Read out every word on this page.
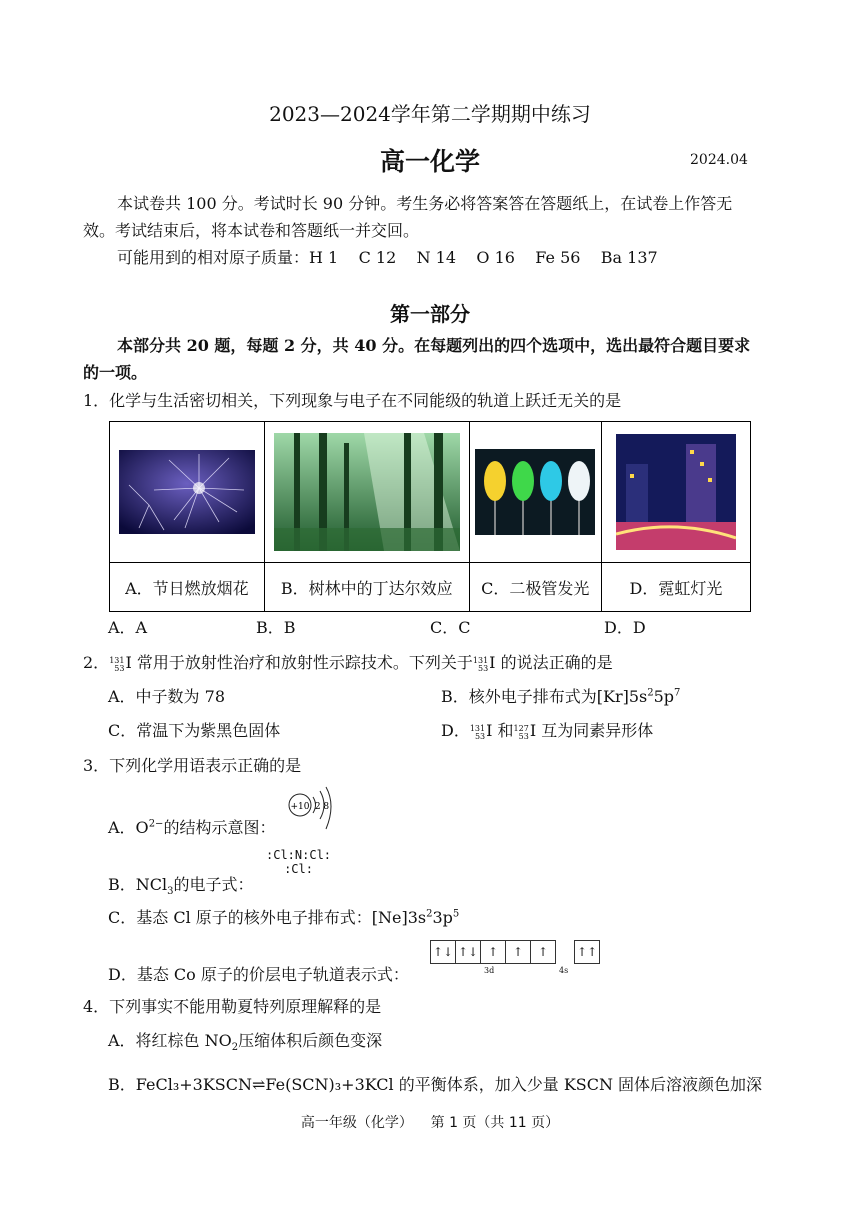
2023—2024学年第二学期期中练习
高一化学	2024.04
本试卷共 100 分。考试时长 90 分钟。考生务必将答案答在答题纸上，在试卷上作答无
效。考试结束后，将本试卷和答题纸一并交回。
可能用到的相对原子质量：H 1    C 12    N 14    O 16    Fe 56    Ba 137
第一部分
本部分共 20 题，每题 2 分，共 40 分。在每题列出的四个选项中，选出最符合题目要求
的一项。
1．化学与生活密切相关，下列现象与电子在不同能级的轨道上跃迁无关的是

A．节日燃放烟花	B．树林中的丁达尔效应	C．二极管发光	D．霓虹灯光
A．A	B．B	C．C	D．D
2． 131
53 I 常用于放射性治疗和放射性示踪技术。下列关于 131
53 I 的说法正确的是
A．中子数为 78	B．核外电子排布式为$[Kr]5s^25p^7$
C．常温下为紫黑色固体	D． 131
53 I 和 127
53 I 互为同素异形体
3．下列化学用语表示正确的是
A．$O^{2-}$的结构示意图：
+10 2 8
B．NCl$_3$的电子式：
:Cl:N:Cl:
:Cl:
C．基态 Cl 原子的核外电子排布式：$[Ne]3s^23p^5$
D．基态 Co 原子的价层电子轨道表示式：
↑↓ ↑↓ ↑ ↑ ↑ ↑↑
3d	4s
4．下列事实不能用勒夏特列原理解释的是
A．将红棕色 $NO_2$压缩体积后颜色变深
B．FeCl₃+3KSCN⇌Fe(SCN)₃+3KCl 的平衡体系，加入少量 KSCN 固体后溶液颜色加深
高一年级（化学）    第 1 页（共 11 页）
